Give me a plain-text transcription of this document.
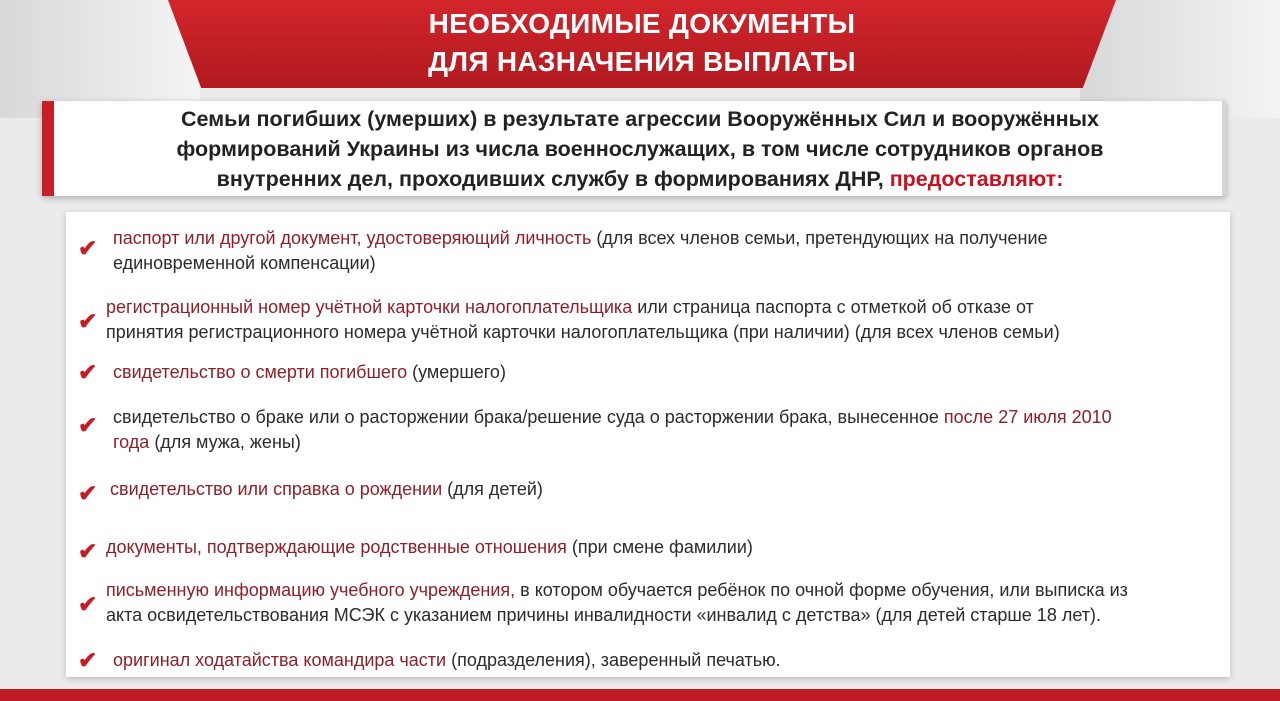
НЕОБХОДИМЫЕ ДОКУМЕНТЫ
ДЛЯ НАЗНАЧЕНИЯ ВЫПЛАТЫ
Семьи погибших (умерших) в результате агрессии Вооружённых Сил и вооружённых
формирований Украины из числа военнослужащих, в том числе сотрудников органов
внутренних дел, проходивших службу в формированиях ДНР, предоставляют:
✔ паспорт или другой документ, удостоверяющий личность (для всех членов семьи, претендующих на получение
единовременной компенсации)
✔
регистрационный номер учётной карточки налогоплательщика или страница паспорта с отметкой об отказе от
принятия регистрационного номера учётной карточки налогоплательщика (при наличии) (для всех членов семьи)
✔ свидетельство о смерти погибшего (умершего)
✔ свидетельство о браке или о расторжении брака/решение суда о расторжении брака, вынесенное после 27 июля 2010
года (для мужа, жены)
✔ свидетельство или справка о рождении (для детей)
✔ документы, подтверждающие родственные отношения (при смене фамилии)
✔
письменную информацию учебного учреждения, в котором обучается ребёнок по очной форме обучения, или выписка из
акта освидетельствования МСЭК с указанием причины инвалидности «инвалид с детства» (для детей старше 18 лет).
✔ оригинал ходатайства командира части (подразделения), заверенный печатью.
